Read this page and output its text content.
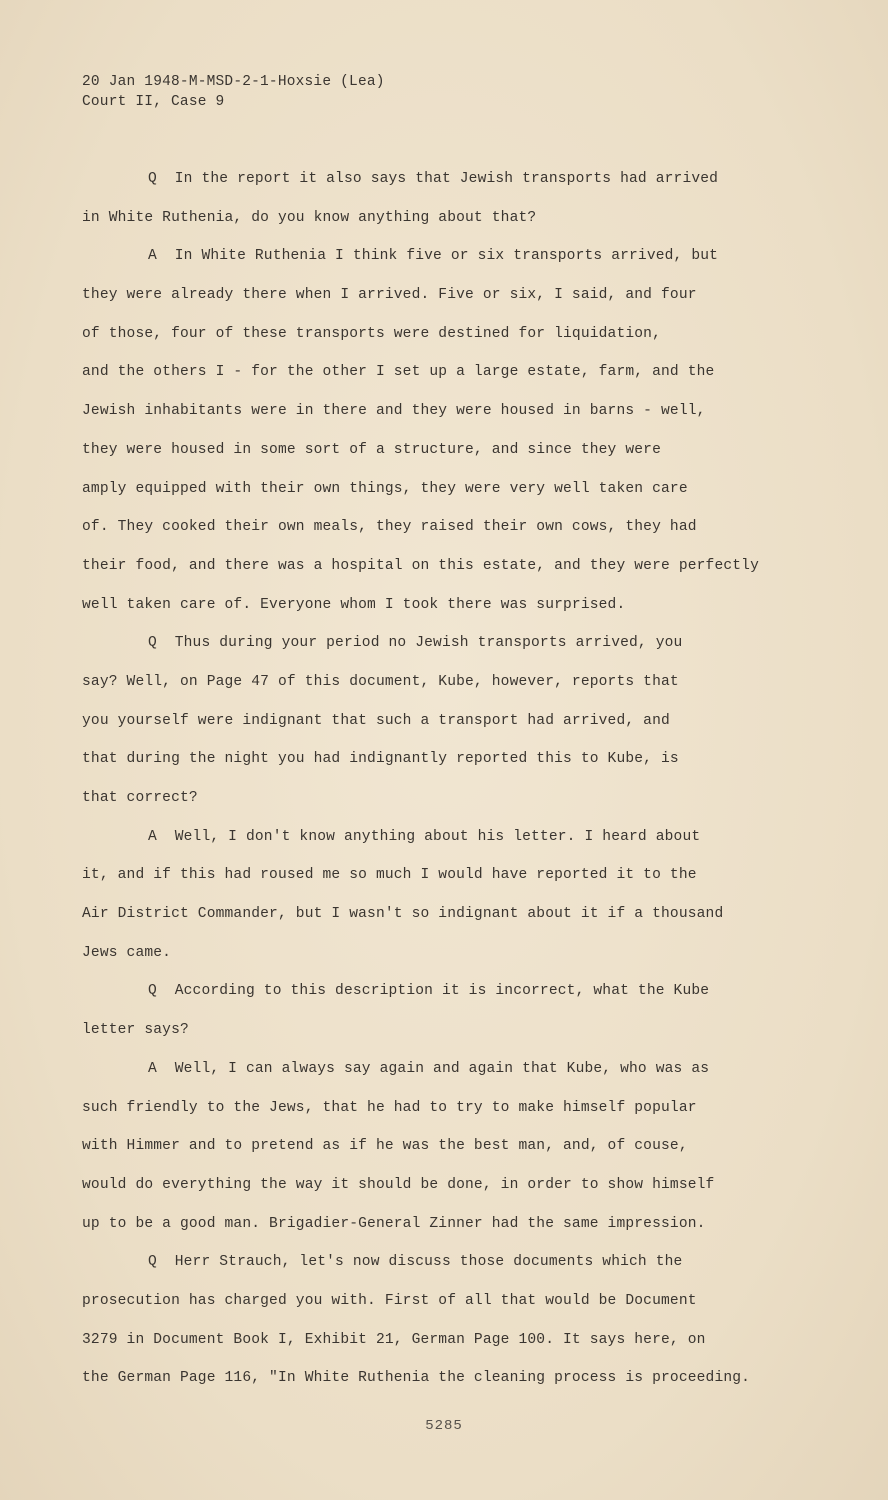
20 Jan 1948-M-MSD-2-1-Hoxsie (Lea)
Court II, Case 9
Q  In the report it also says that Jewish transports had arrived
in White Ruthenia, do you know anything about that?
A  In White Ruthenia I think five or six transports arrived, but
they were already there when I arrived. Five or six, I said, and four
of those, four of these transports were destined for liquidation,
and the others I - for the other I set up a large estate, farm, and the
Jewish inhabitants were in there and they were housed in barns - well,
they were housed in some sort of a structure, and since they were
amply equipped with their own things, they were very well taken care
of. They cooked their own meals, they raised their own cows, they had
their food, and there was a hospital on this estate, and they were perfectly
well taken care of. Everyone whom I took there was surprised.
Q  Thus during your period no Jewish transports arrived, you
say? Well, on Page 47 of this document, Kube, however, reports that
you yourself were indignant that such a transport had arrived, and
that during the night you had indignantly reported this to Kube, is
that correct?
A  Well, I don't know anything about his letter. I heard about
it, and if this had roused me so much I would have reported it to the
Air District Commander, but I wasn't so indignant about it if a thousand
Jews came.
Q  According to this description it is incorrect, what the Kube
letter says?
A  Well, I can always say again and again that Kube, who was as
such friendly to the Jews, that he had to try to make himself popular
with Himmer and to pretend as if he was the best man, and, of couse,
would do everything the way it should be done, in order to show himself
up to be a good man. Brigadier-General Zinner had the same impression.
Q  Herr Strauch, let's now discuss those documents which the
prosecution has charged you with. First of all that would be Document
3279 in Document Book I, Exhibit 21, German Page 100. It says here, on
the German Page 116, "In White Ruthenia the cleaning process is proceeding.
5285
